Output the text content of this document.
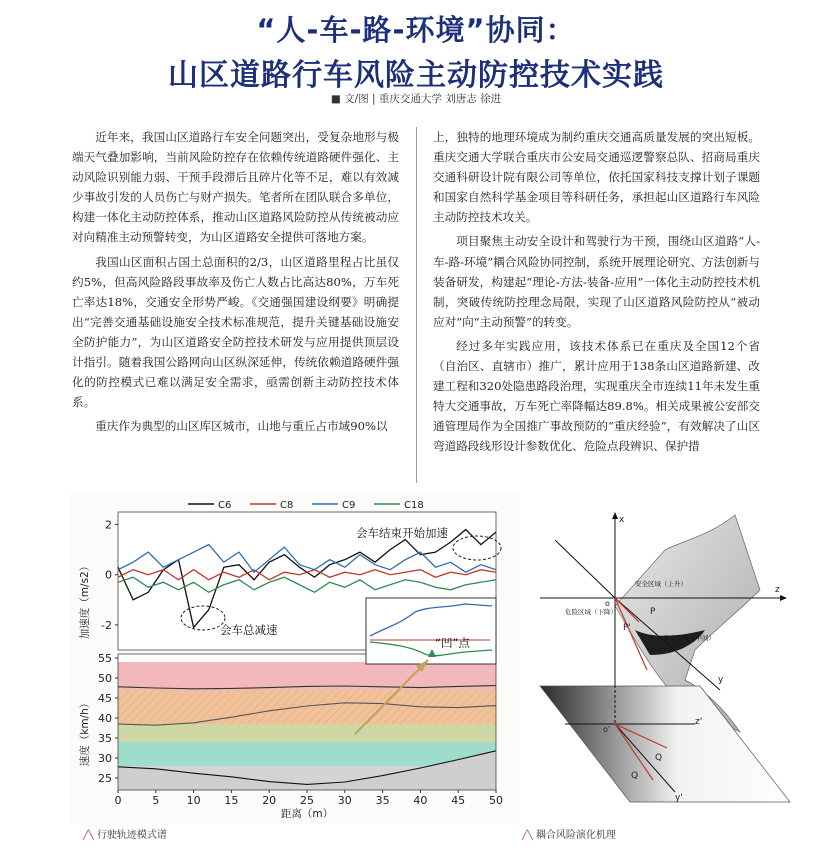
“人-车-路-环境”协同：
山区道路行车风险主动防控技术实践
■ 文/图 | 重庆交通大学 刘唐志 徐进

近年来，我国山区道路行车安全问题突出，受复杂地形与极端天气叠加影响，当前风险防控存在依赖传统道路硬件强化、主动风险识别能力弱、干预手段滞后且碎片化等不足，难以有效减少事故引发的人员伤亡与财产损失。笔者所在团队联合多单位，构建一体化主动防控体系，推动山区道路风险防控从传统被动应对向精准主动预警转变，为山区道路安全提供可落地方案。

我国山区面积占国土总面积的2/3，山区道路里程占比虽仅约5%，但高风险路段事故率及伤亡人数占比高达80%，万车死亡率达18%，交通安全形势严峻。《交通强国建设纲要》明确提出“完善交通基础设施安全技术标准规范，提升关键基础设施安全防护能力”，为山区道路安全防控技术研发与应用提供顶层设计指引。随着我国公路网向山区纵深延伸，传统依赖道路硬件强化的防控模式已难以满足安全需求，亟需创新主动防控技术体系。

重庆作为典型的山区库区城市，山地与重丘占市域90%以

上，独特的地理环境成为制约重庆交通高质量发展的突出短板。重庆交通大学联合重庆市公安局交通巡逻警察总队、招商局重庆交通科研设计院有限公司等单位，依托国家科技支撑计划子课题和国家自然科学基金项目等科研任务，承担起山区道路行车风险主动防控技术攻关。

项目聚焦主动安全设计和驾驶行为干预，围绕山区道路“人-车-路-环境”耦合风险协同控制，系统开展理论研究、方法创新与装备研发，构建起“理论-方法-装备-应用”一体化主动防控技术机制，突破传统防控理念局限，实现了山区道路风险防控从“被动应对”向“主动预警”的转变。

经过多年实践应用，该技术体系已在重庆及全国12个省（自治区、直辖市）推广，累计应用于138条山区道路新建、改建工程和320处隐患路段治理，实现重庆全市连续11年未发生重特大交通事故，万车死亡率降幅达89.8%。相关成果被公安部交通管理局作为全国推广事故预防的“重庆经验”，有效解决了山区弯道路段线形设计参数优化、危险点段辨识、保护措

C6	C8	C9	C18
-2
0
2
25
30
35
40
45
50
55
0	5 10 15 20 25 30 35 40 45 50
加速度（m/s2）
速度（km/h）
距离（m）
会车结束开始加速
会车总减速
“凹”点
╱╲ 行驶轨迹模式谱
x
z
y
o
P
P'
安全区域（上升）
危险区域（下降）
突变区域（中间）
z'
y'
o'
Q
Q
╱╲ 耦合风险演化机理
